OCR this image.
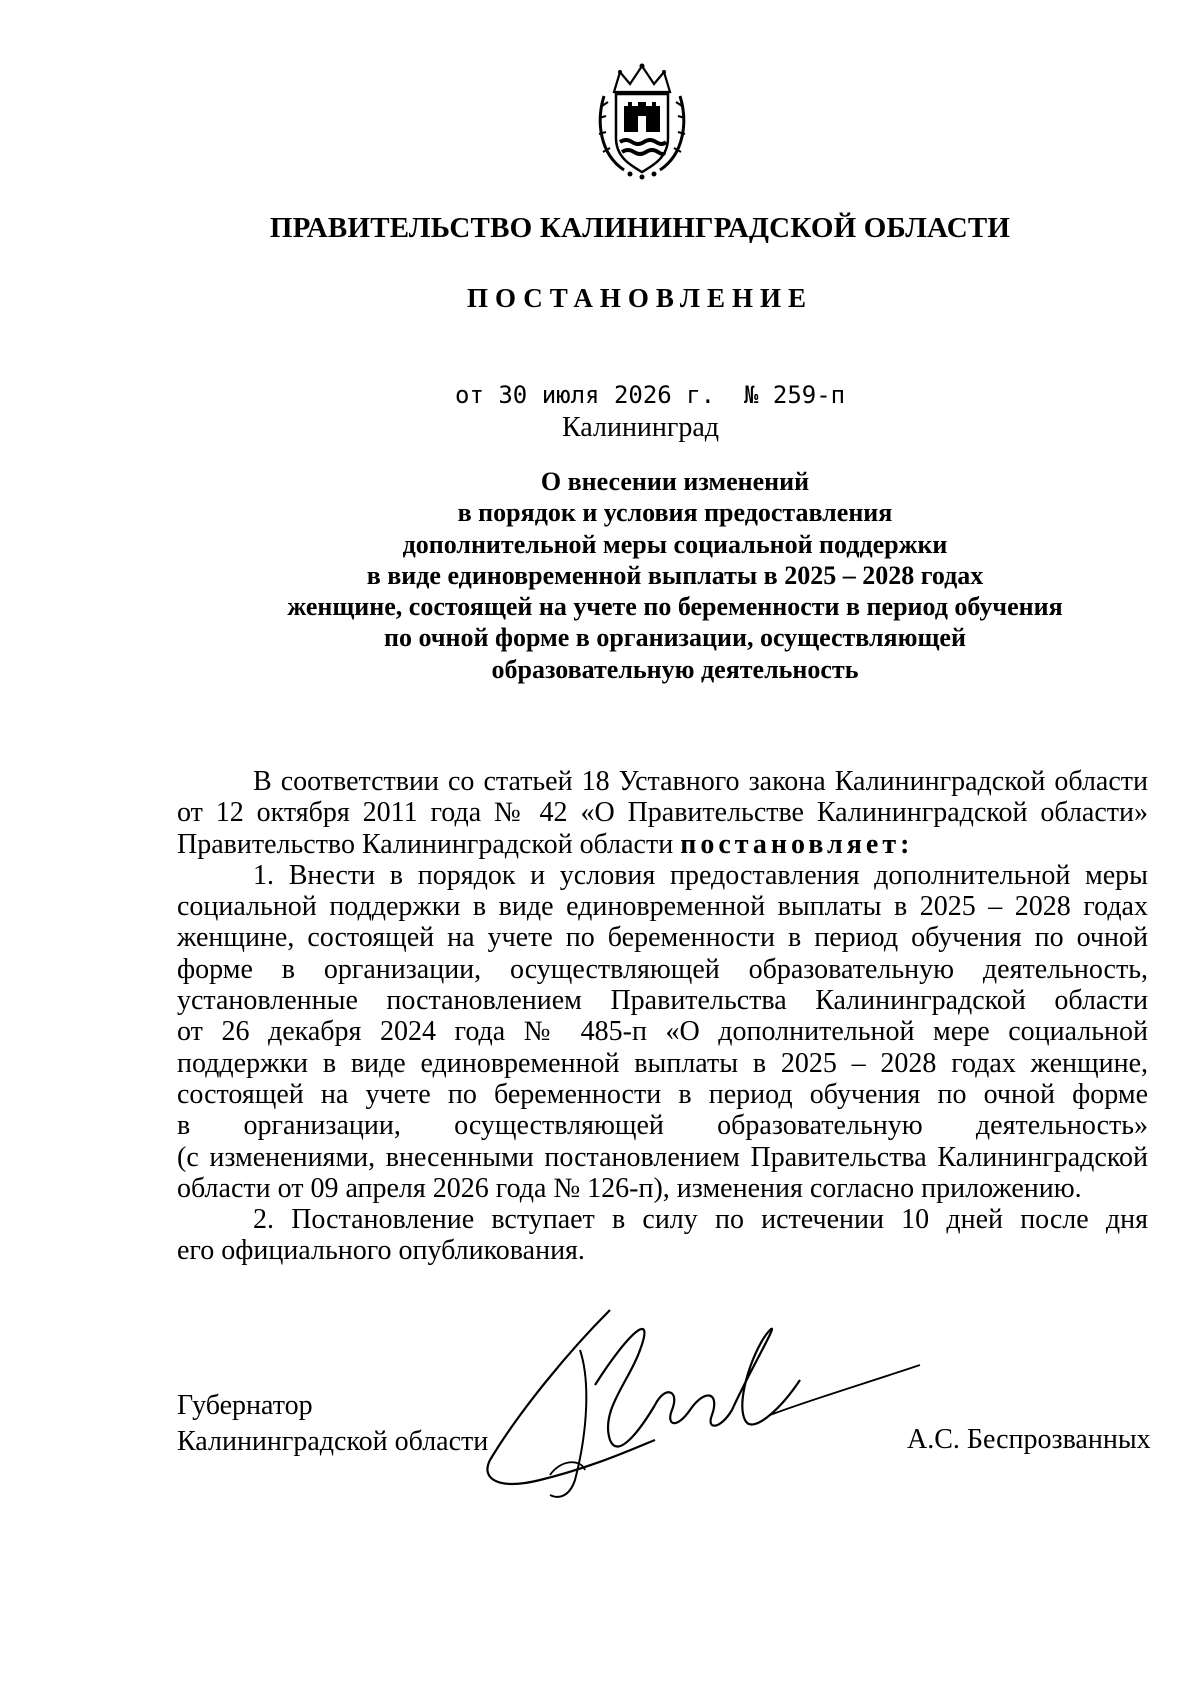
ПРАВИТЕЛЬСТВО КАЛИНИНГРАДСКОЙ ОБЛАСТИ
ПОСТАНОВЛЕНИЕ
от 30 июля 2026 г.  № 259-п
Калининград
О внесении изменений
в порядок и условия предоставления
дополнительной меры социальной поддержки
в виде единовременной выплаты в 2025 – 2028 годах
женщине, состоящей на учете по беременности в период обучения
по очной форме в организации, осуществляющей
образовательную деятельность
В соответствии со статьей 18 Уставного закона Калининградской области
от 12 октября 2011 года № 42 «О Правительстве Калининградской области»
Правительство Калининградской области постановляет:
1. Внести в порядок и условия предоставления дополнительной меры
социальной поддержки в виде единовременной выплаты в 2025 – 2028 годах
женщине, состоящей на учете по беременности в период обучения по очной
форме в организации, осуществляющей образовательную деятельность,
установленные постановлением Правительства Калининградской области
от 26 декабря 2024 года № 485-п «О дополнительной мере социальной
поддержки в виде единовременной выплаты в 2025 – 2028 годах женщине,
состоящей на учете по беременности в период обучения по очной форме
в организации, осуществляющей образовательную деятельность»
(с изменениями, внесенными постановлением Правительства Калининградской
области от 09 апреля 2026 года № 126-п), изменения согласно приложению.
2. Постановление вступает в силу по истечении 10 дней после дня
его официального опубликования.
Губернатор
Калининградской области	А.С. Беспрозванных
